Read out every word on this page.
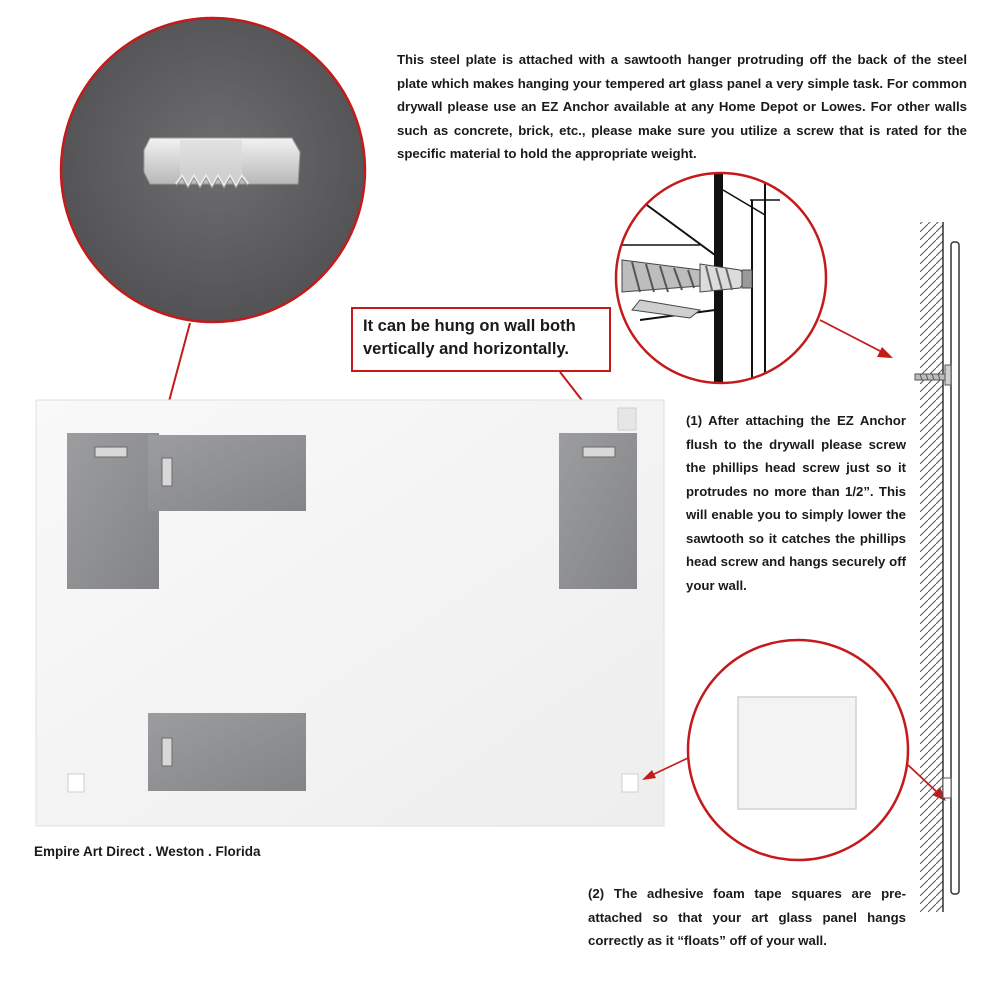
This steel plate is attached with a sawtooth hanger protruding off the back of the steel plate which makes hanging your tempered art glass panel a very simple task. For common drywall please use an EZ Anchor available at any Home Depot or Lowes. For other walls such as concrete, brick, etc., please make sure you utilize a screw that is rated for the specific material to hold the appropriate weight.

It can be hung on wall both
vertically and horizontally.

(1) After attaching the EZ Anchor flush to the drywall please screw the phillips head screw just so it protrudes no more than 1/2”. This will enable you to simply lower the sawtooth so it catches the phillips head screw and hangs securely off your wall.

(2) The adhesive foam tape squares are pre-attached so that your art glass panel hangs correctly as it “floats” off of your wall.

Empire Art Direct . Weston . Florida
